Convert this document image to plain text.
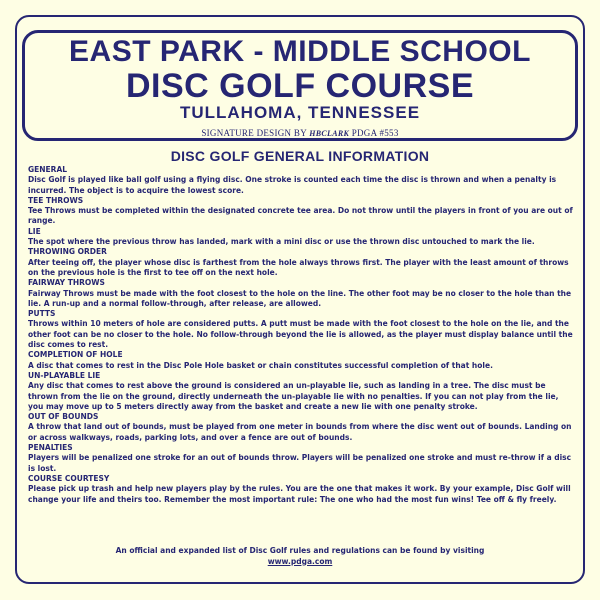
EAST PARK - MIDDLE SCHOOL
DISC GOLF COURSE
TULLAHOMA, TENNESSEE
SIGNATURE DESIGN BY HBCLARK PDGA #553
DISC GOLF GENERAL INFORMATION
GENERAL
Disc Golf is played like ball golf using a flying disc. One stroke is counted each time the disc is thrown and when a penalty is incurred. The object is to acquire the lowest score.
TEE THROWS
Tee Throws must be completed within the designated concrete tee area. Do not throw until the players in front of you are out of range.
LIE
The spot where the previous throw has landed, mark with a mini disc or use the thrown disc untouched to mark the lie.
THROWING ORDER
After teeing off, the player whose disc is farthest from the hole always throws first. The player with the least amount of throws on the previous hole is the first to tee off on the next hole.
FAIRWAY THROWS
Fairway Throws must be made with the foot closest to the hole on the line. The other foot may be no closer to the hole than the lie. A run-up and a normal follow-through, after release, are allowed.
PUTTS
Throws within 10 meters of hole are considered putts. A putt must be made with the foot closest to the hole on the lie, and the other foot can be no closer to the hole. No follow-through beyond the lie is allowed, as the player must display balance until the disc comes to rest.
COMPLETION OF HOLE
A disc that comes to rest in the Disc Pole Hole basket or chain constitutes successful completion of that hole.
UN-PLAYABLE LIE
Any disc that comes to rest above the ground is considered an un-playable lie, such as landing in a tree. The disc must be thrown from the lie on the ground, directly underneath the un-playable lie with no penalties. If you can not play from the lie, you may move up to 5 meters directly away from the basket and create a new lie with one penalty stroke.
OUT OF BOUNDS
A throw that land out of bounds, must be played from one meter in bounds from where the disc went out of bounds. Landing on or across walkways, roads, parking lots, and over a fence are out of bounds.
PENALTIES
Players will be penalized one stroke for an out of bounds throw. Players will be penalized one stroke and must re-throw if a disc is lost.
COURSE COURTESY
Please pick up trash and help new players play by the rules. You are the one that makes it work. By your example, Disc Golf will change your life and theirs too. Remember the most important rule: The one who had the most fun wins! Tee off & fly freely.
An official and expanded list of Disc Golf rules and regulations can be found by visiting
www.pdga.com
